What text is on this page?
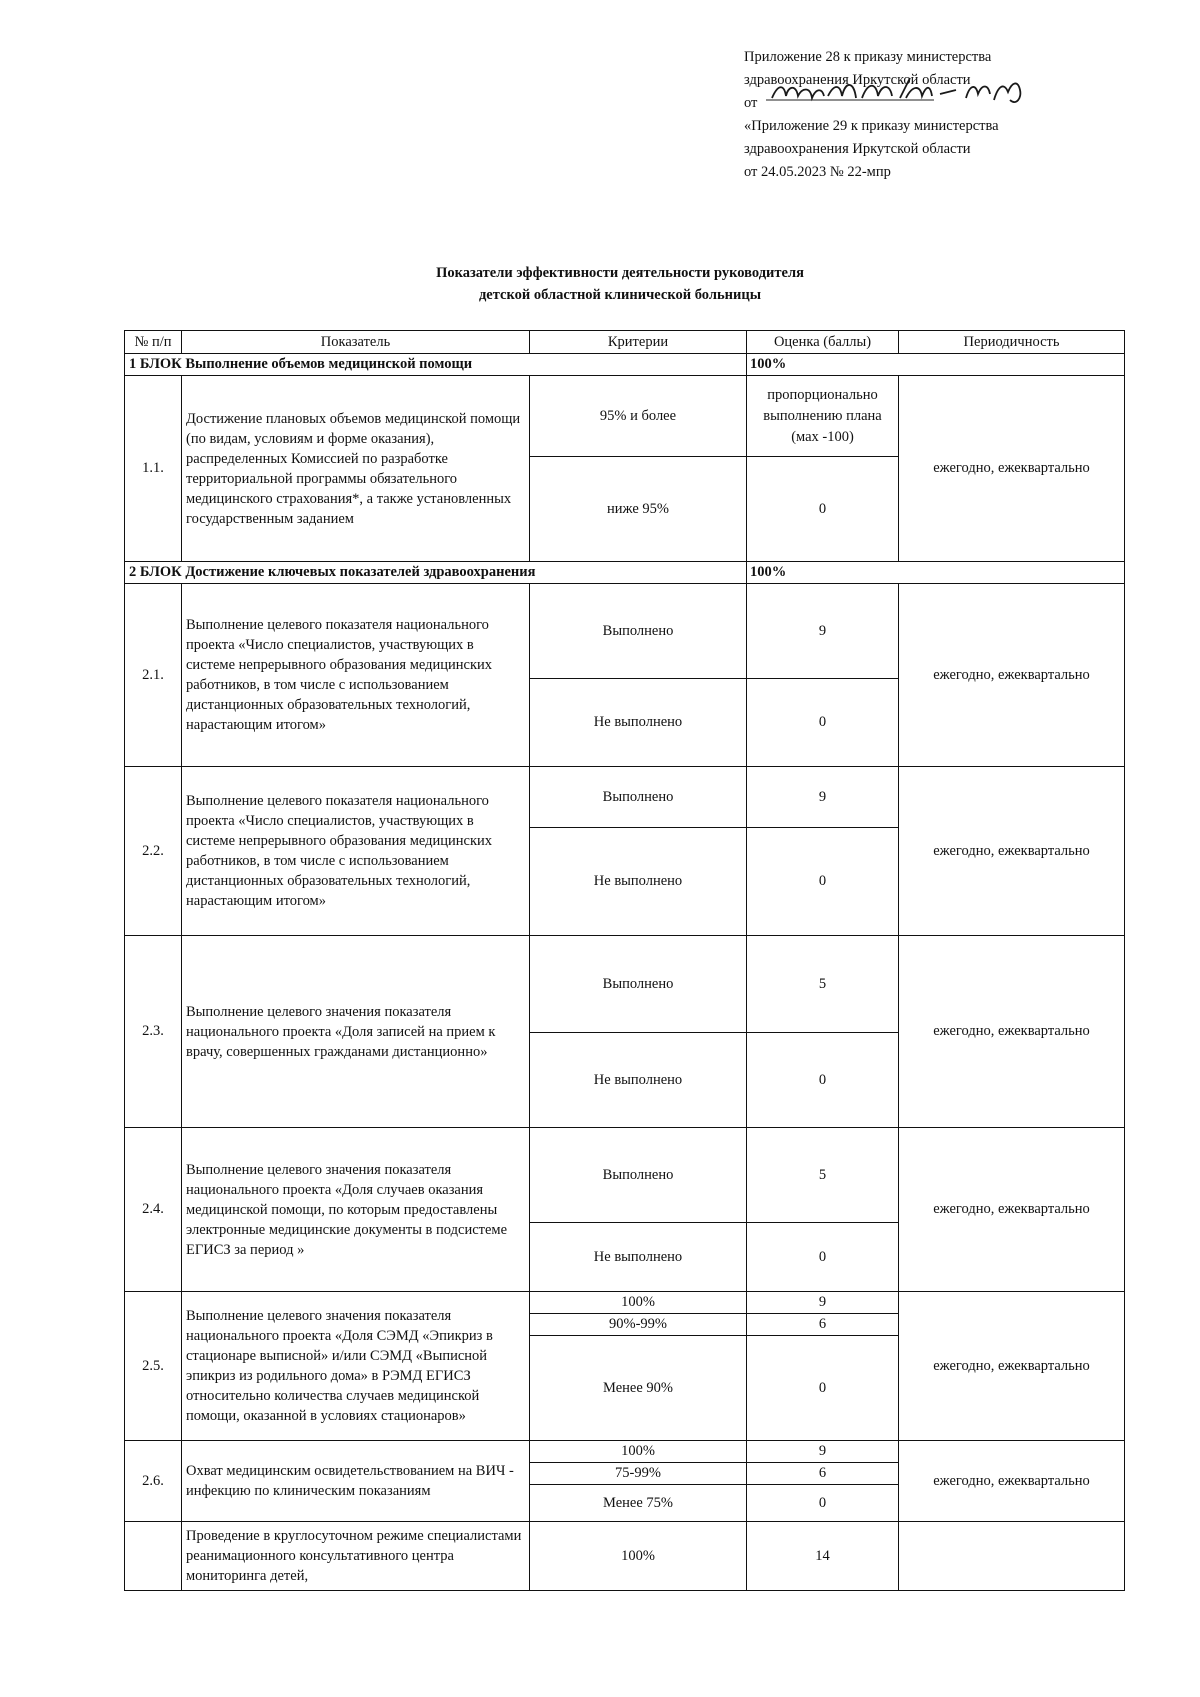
Приложение 28 к приказу министерства
здравоохранения Иркутской области
от
«Приложение 29 к приказу министерства
здравоохранения Иркутской области
от 24.05.2023 № 22-мпр
Показатели эффективности деятельности руководителя
детской областной клинической больницы
№ п/п	Показатель	Критерии	Оценка (баллы)	Периодичность
1 БЛОК Выполнение объемов медицинской помощи			100%	
1.1.	Достижение плановых объемов медицинской помощи (по видам, условиям и форме оказания), распределенных Комиссией по разработке территориальной программы обязательного медицинского страхования*, а также установленных государственным заданием	95% и более	пропорционально выполнению плана (мах -100)	ежегодно, ежеквартально
		ниже 95%	0	
2 БЛОК Достижение ключевых показателей здравоохранения			100%	
2.1.	Выполнение целевого показателя национального проекта «Число специалистов, участвующих в системе непрерывного образования медицинских работников, в том числе с использованием дистанционных образовательных технологий, нарастающим итогом»	Выполнено	9	ежегодно, ежеквартально
		Не выполнено	0	
2.2.	Выполнение целевого показателя национального проекта «Число специалистов, участвующих в системе непрерывного образования медицинских работников, в том числе с использованием дистанционных образовательных технологий, нарастающим итогом»	Выполнено	9	ежегодно, ежеквартально
		Не выполнено	0	
2.3.	Выполнение целевого значения показателя национального проекта «Доля записей на прием к врачу, совершенных гражданами дистанционно»	Выполнено	5	ежегодно, ежеквартально
		Не выполнено	0	
2.4.	Выполнение целевого значения показателя национального проекта «Доля случаев оказания медицинской помощи, по которым предоставлены электронные медицинские документы в подсистеме ЕГИСЗ за период »	Выполнено	5	ежегодно, ежеквартально
		Не выполнено	0	
2.5.	Выполнение целевого значения показателя национального проекта «Доля СЭМД «Эпикриз в стационаре выписной» и/или СЭМД «Выписной эпикриз из родильного дома» в РЭМД ЕГИСЗ относительно количества случаев медицинской помощи, оказанной в условиях стационаров»	100%	9	ежегодно, ежеквартально
		90%-99%	6	
		Менее 90%	0	
2.6.	Охват медицинским освидетельствованием на ВИЧ - инфекцию по клиническим показаниям	100%	9	ежегодно, ежеквартально
		75-99%	6	
		Менее 75%	0	
	Проведение в круглосуточном режиме специалистами реанимационного консультативного центра мониторинга детей,	100%	14	
